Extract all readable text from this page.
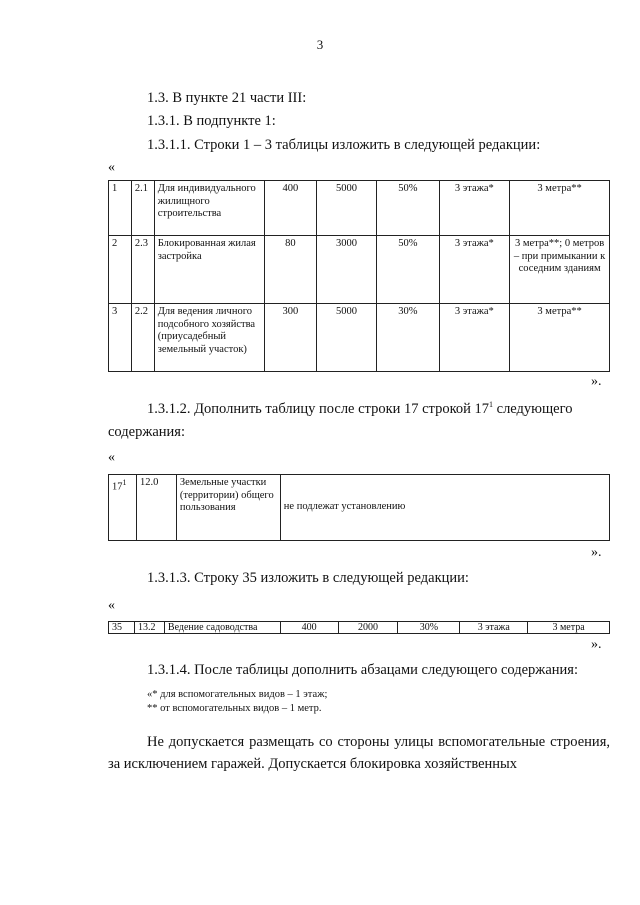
3
1.3. В пункте 21 части III:
1.3.1. В подпункте 1:
1.3.1.1. Строки 1 – 3 таблицы изложить в следующей редакции:
«
1	2.1	Для индивидуального жилищного строительства	400	5000	50%	3 этажа*	3 метра**
2	2.3	Блокированная жилая застройка	80	3000	50%	3 этажа*	3 метра**; 0 метров – при примыкании к соседним зданиям
3	2.2	Для ведения личного подсобного хозяйства (приусадебный земельный участок)	300	5000	30%	3 этажа*	3 метра**
».
1.3.1.2. Дополнить таблицу после строки 17 строкой $17^1$ следующего
содержания:
«
$17^1$	12.0	Земельные участки (территории) общего пользования	не подлежат установлению
».
1.3.1.3. Строку 35 изложить в следующей редакции:
«
35	13.2	Ведение садоводства	400	2000	30%	3 этажа	3 метра
».
1.3.1.4. После таблицы дополнить абзацами следующего содержания:
«* для вспомогательных видов – 1 этаж;
** от вспомогательных видов – 1 метр.
Не допускается размещать со стороны улицы вспомогательные строения, за исключением гаражей. Допускается блокировка хозяйственных
